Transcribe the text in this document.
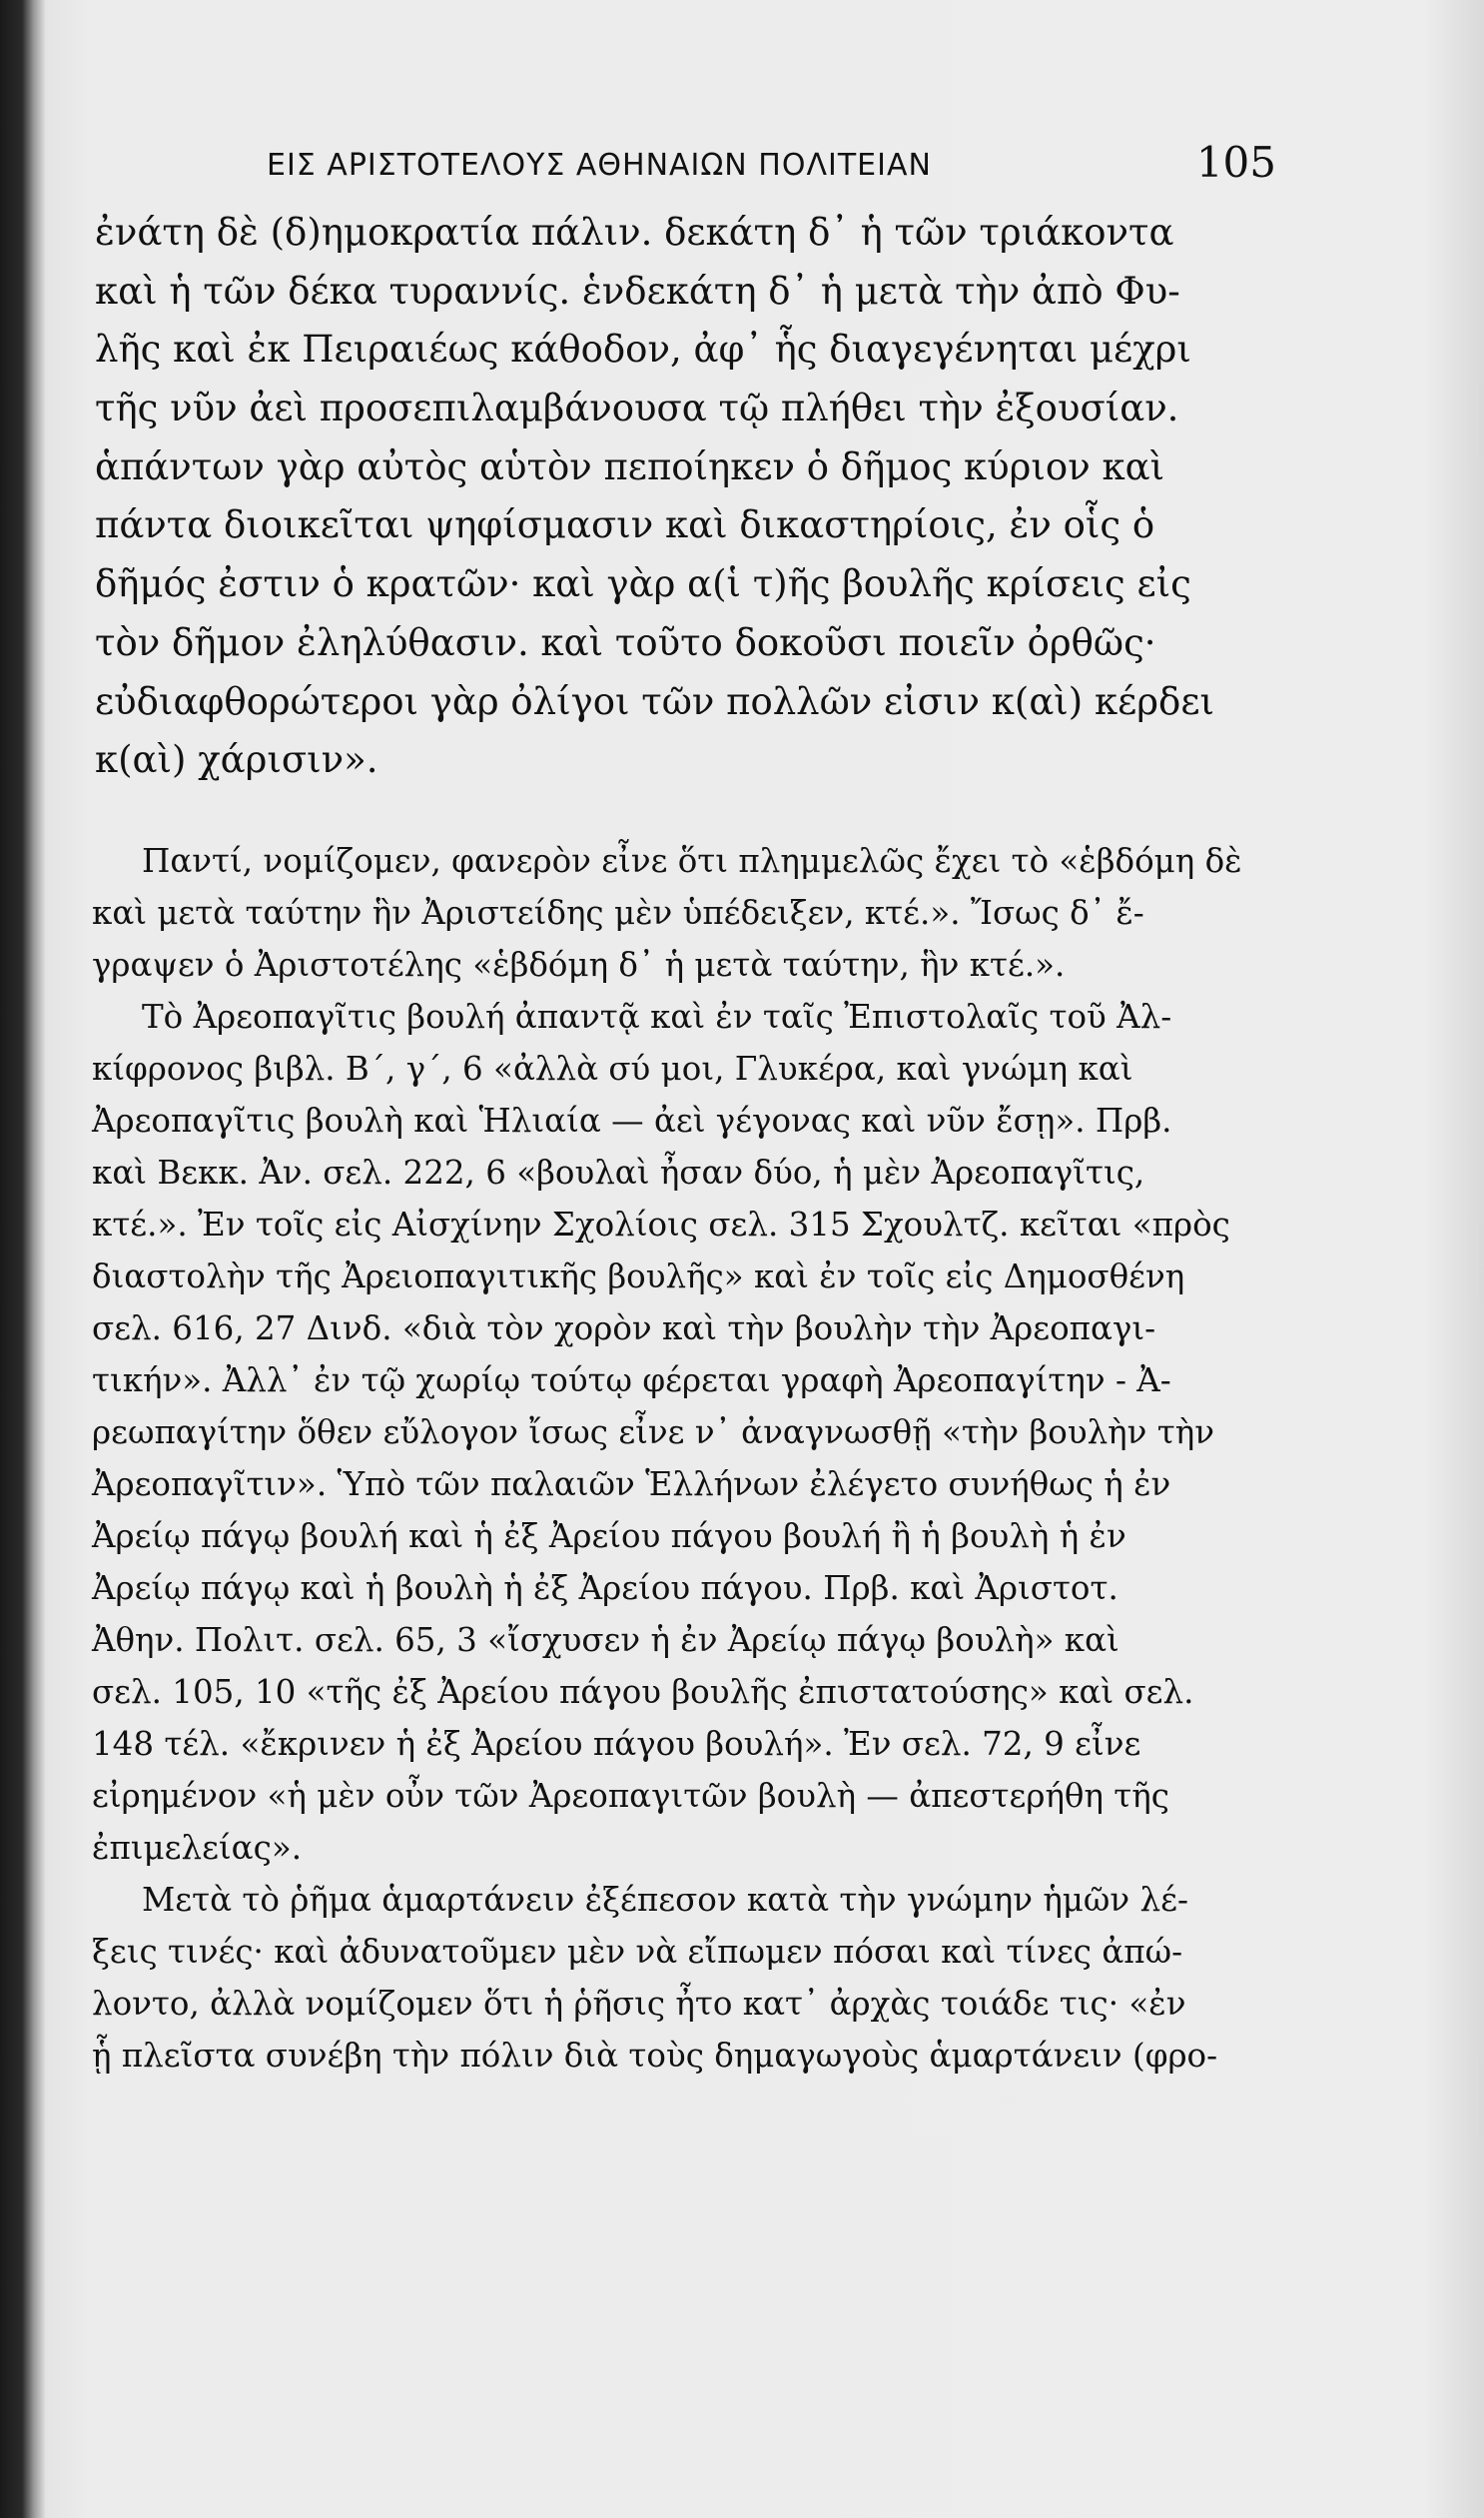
ΕΙΣ ΑΡΙΣΤΟΤΕΛΟΥΣ ΑΘΗΝΑΙΩΝ ΠΟΛΙΤΕΙΑΝ	105
ἐνάτη δὲ (δ)ημοκρατία πάλιν. δεκάτη δ᾽ ἡ τῶν τριάκοντα
καὶ ἡ τῶν δέκα τυραννίς. ἑνδεκάτη δ᾽ ἡ μετὰ τὴν ἀπὸ Φυ-
λῆς καὶ ἐκ Πειραιέως κάθοδον, ἀφ᾽ ἧς διαγεγένηται μέχρι
τῆς νῦν ἀεὶ προσεπιλαμβάνουσα τῷ πλήθει τὴν ἐξουσίαν.
ἁπάντων γὰρ αὐτὸς αὑτὸν πεποίηκεν ὁ δῆμος κύριον καὶ
πάντα διοικεῖται ψηφίσμασιν καὶ δικαστηρίοις, ἐν οἷς ὁ
δῆμός ἐστιν ὁ κρατῶν· καὶ γὰρ α(ἱ τ)ῆς βουλῆς κρίσεις εἰς
τὸν δῆμον ἐληλύθασιν. καὶ τοῦτο δοκοῦσι ποιεῖν ὀρθῶς·
εὐδιαφθορώτεροι γὰρ ὀλίγοι τῶν πολλῶν εἰσιν κ(αὶ) κέρδει
κ(αὶ) χάρισιν».
Παντί, νομίζομεν, φανερὸν εἶνε ὅτι πλημμελῶς ἔχει τὸ «ἑβδόμη δὲ
καὶ μετὰ ταύτην ἣν Ἀριστείδης μὲν ὑπέδειξεν, κτέ.». Ἴσως δ᾽ ἔ-
γραψεν ὁ Ἀριστοτέλης «ἑβδόμη δ᾽ ἡ μετὰ ταύτην, ἣν κτέ.».
Τὸ Ἀρεοπαγῖτις βουλή ἀπαντᾷ καὶ ἐν ταῖς Ἐπιστολαῖς τοῦ Ἀλ-
κίφρονος βιβλ. Β΄, γ΄, 6 «ἀλλὰ σύ μοι, Γλυκέρα, καὶ γνώμη καὶ
Ἀρεοπαγῖτις βουλὴ καὶ Ἡλιαία — ἀεὶ γέγονας καὶ νῦν ἔσῃ». Πρβ.
καὶ Βεκκ. Ἀν. σελ. 222, 6 «βουλαὶ ἦσαν δύο, ἡ μὲν Ἀρεοπαγῖτις,
κτέ.». Ἐν τοῖς εἰς Αἰσχίνην Σχολίοις σελ. 315 Σχουλτζ. κεῖται «πρὸς
διαστολὴν τῆς Ἀρειοπαγιτικῆς βουλῆς» καὶ ἐν τοῖς εἰς Δημοσθένη
σελ. 616, 27 Δινδ. «διὰ τὸν χορὸν καὶ τὴν βουλὴν τὴν Ἀρεοπαγι-
τικήν». Ἀλλ᾽ ἐν τῷ χωρίῳ τούτῳ φέρεται γραφὴ Ἀρεοπαγίτην - Ἀ-
ρεωπαγίτην ὅθεν εὔλογον ἴσως εἶνε ν᾽ ἀναγνωσθῇ «τὴν βουλὴν τὴν
Ἀρεοπαγῖτιν». Ὑπὸ τῶν παλαιῶν Ἑλλήνων ἐλέγετο συνήθως ἡ ἐν
Ἀρείῳ πάγῳ βουλή καὶ ἡ ἐξ Ἀρείου πάγου βουλή ἢ ἡ βουλὴ ἡ ἐν
Ἀρείῳ πάγῳ καὶ ἡ βουλὴ ἡ ἐξ Ἀρείου πάγου. Πρβ. καὶ Ἀριστοτ.
Ἀθην. Πολιτ. σελ. 65, 3 «ἴσχυσεν ἡ ἐν Ἀρείῳ πάγῳ βουλὴ» καὶ
σελ. 105, 10 «τῆς ἐξ Ἀρείου πάγου βουλῆς ἐπιστατούσης» καὶ σελ.
148 τέλ. «ἔκρινεν ἡ ἐξ Ἀρείου πάγου βουλή». Ἐν σελ. 72, 9 εἶνε
εἰρημένον «ἡ μὲν οὖν τῶν Ἀρεοπαγιτῶν βουλὴ — ἀπεστερήθη τῆς
ἐπιμελείας».
Μετὰ τὸ ῥῆμα ἁμαρτάνειν ἐξέπεσον κατὰ τὴν γνώμην ἡμῶν λέ-
ξεις τινές· καὶ ἀδυνατοῦμεν μὲν νὰ εἴπωμεν πόσαι καὶ τίνες ἀπώ-
λοντο, ἀλλὰ νομίζομεν ὅτι ἡ ῥῆσις ἦτο κατ᾽ ἀρχὰς τοιάδε τις· «ἐν
ᾗ πλεῖστα συνέβη τὴν πόλιν διὰ τοὺς δημαγωγοὺς ἁμαρτάνειν (φρο-
